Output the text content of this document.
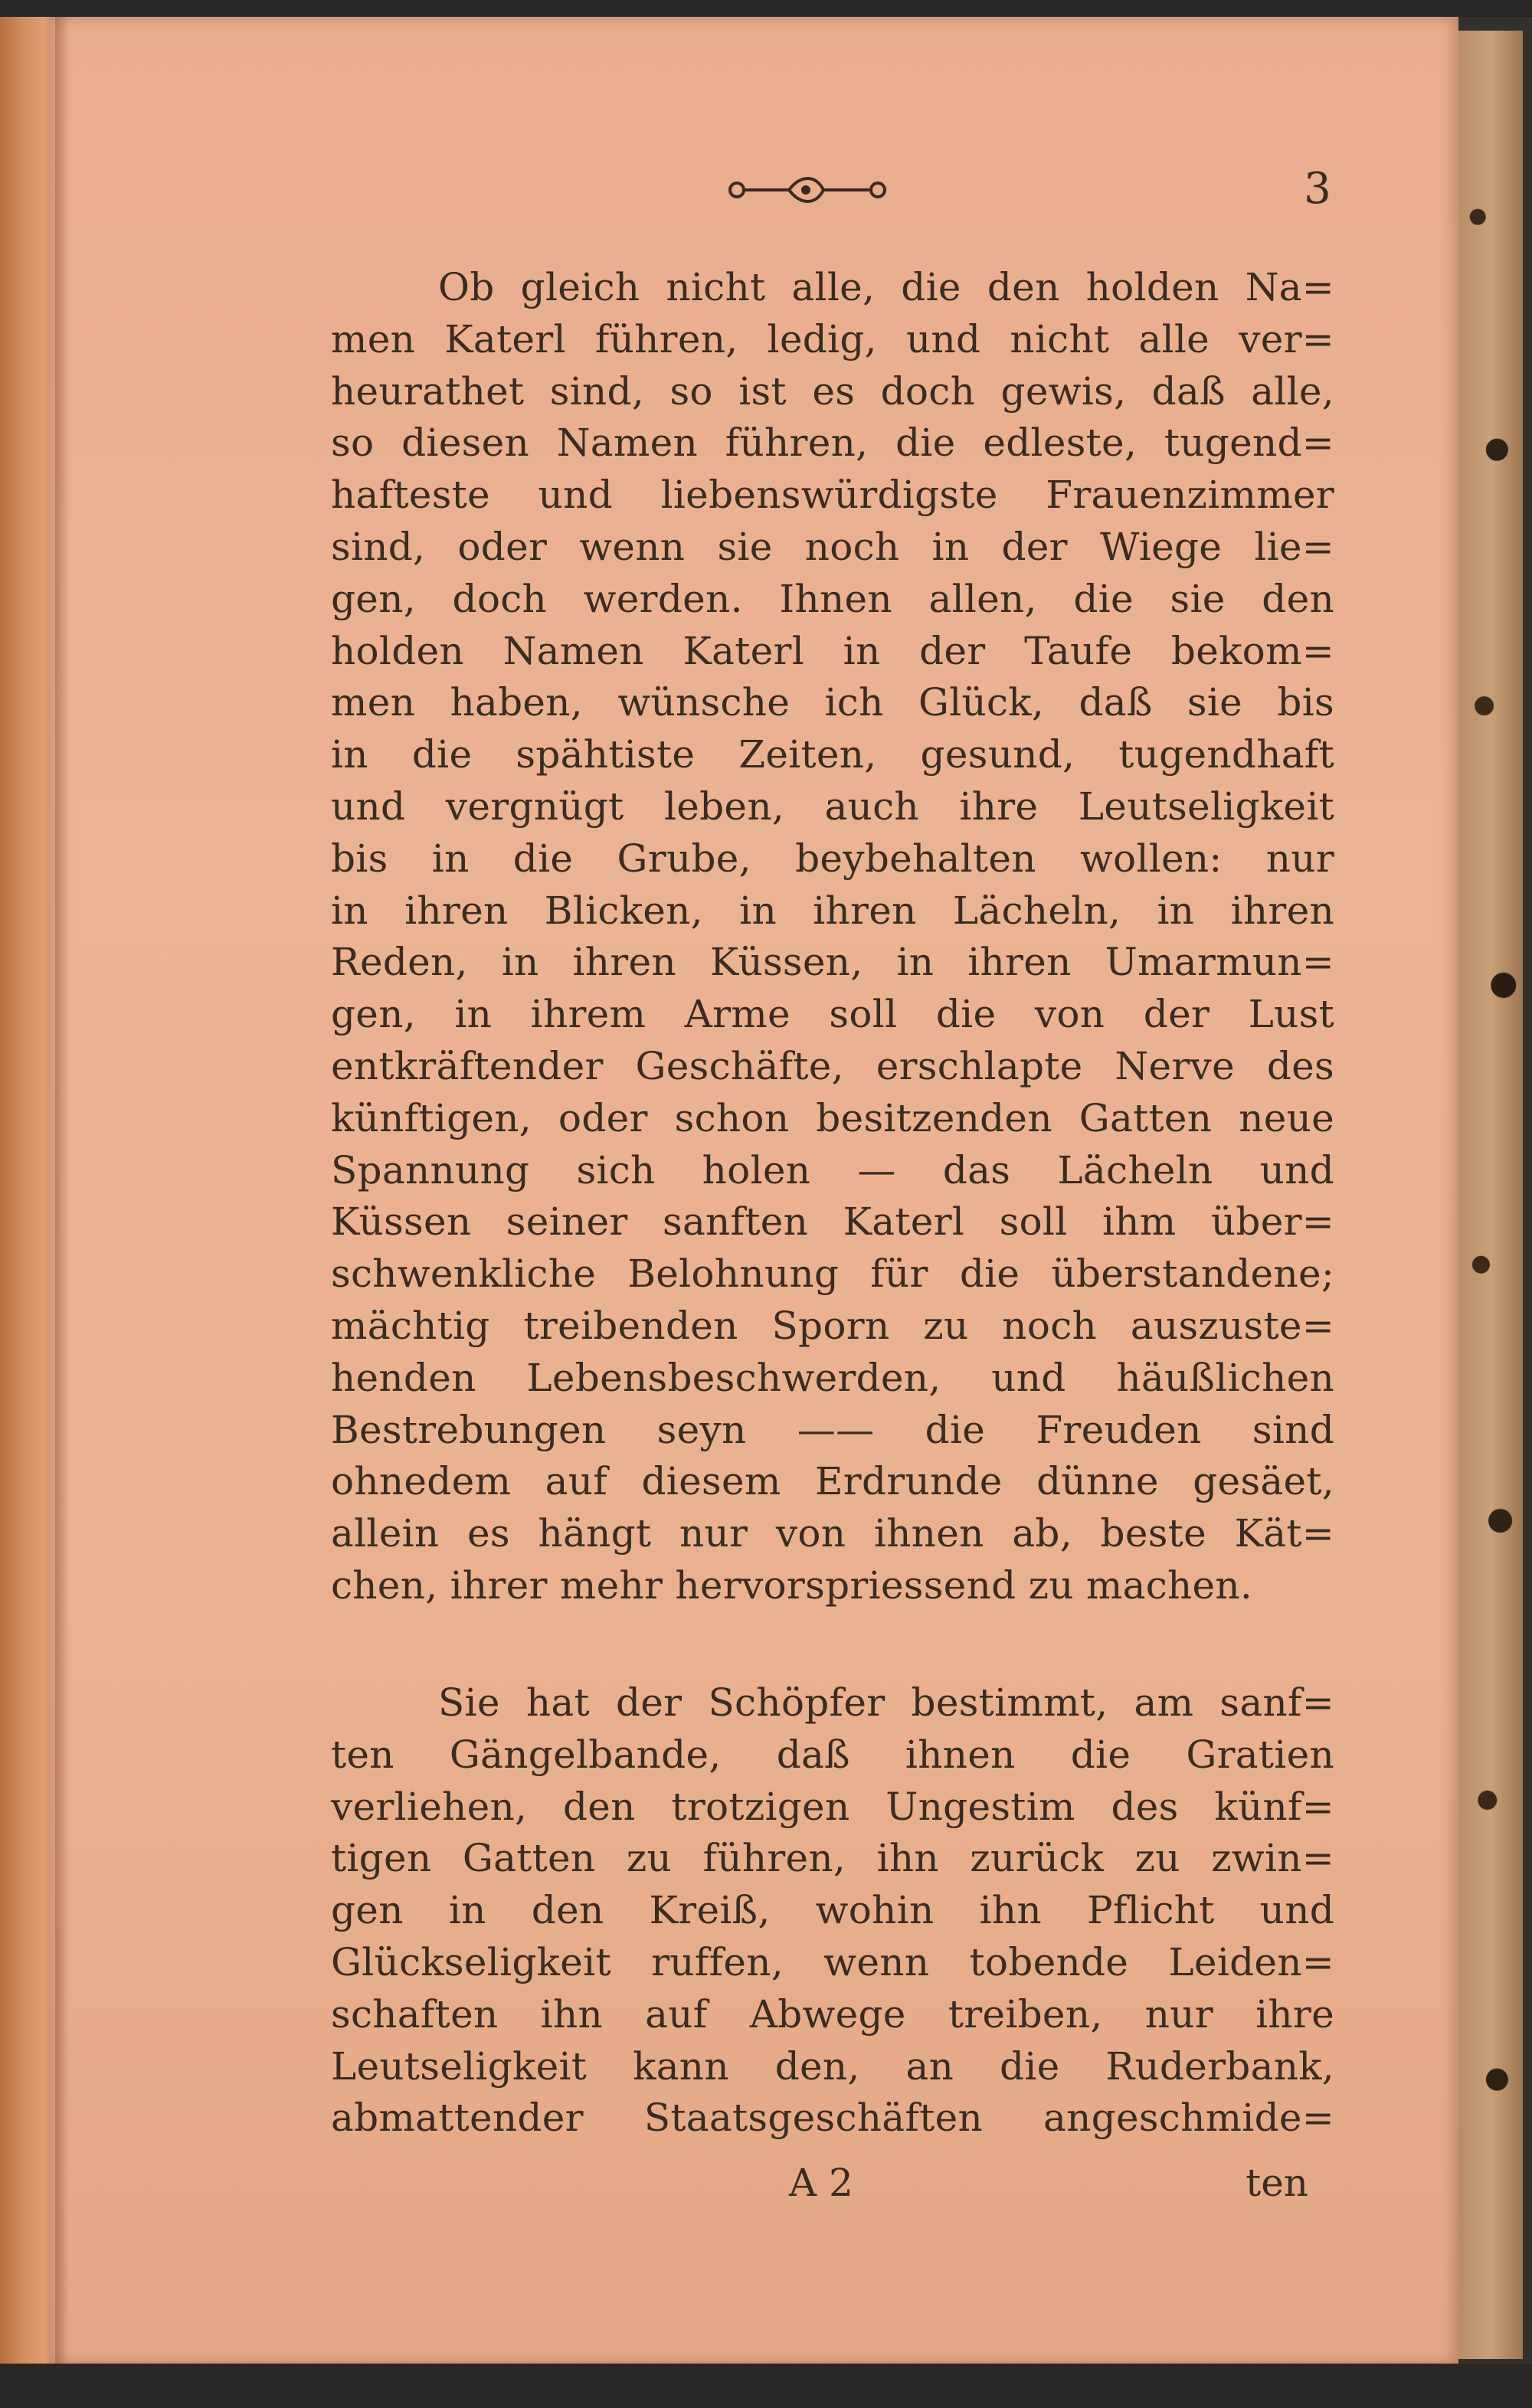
3
Ob gleich nicht alle, die den holden Na=
men Katerl führen, ledig, und nicht alle ver=
heurathet sind, so ist es doch gewis, daß alle,
so diesen Namen führen, die edleste, tugend=
hafteste und liebenswürdigste Frauenzimmer
sind, oder wenn sie noch in der Wiege lie=
gen, doch werden. Ihnen allen, die sie den
holden Namen Katerl in der Taufe bekom=
men haben, wünsche ich Glück, daß sie bis
in die spähtiste Zeiten, gesund, tugendhaft
und vergnügt leben, auch ihre Leutseligkeit
bis in die Grube, beybehalten wollen: nur
in ihren Blicken, in ihren Lächeln, in ihren
Reden, in ihren Küssen, in ihren Umarmun=
gen, in ihrem Arme soll die von der Lust
entkräftender Geschäfte, erschlapte Nerve des
künftigen, oder schon besitzenden Gatten neue
Spannung sich holen — das Lächeln und
Küssen seiner sanften Katerl soll ihm über=
schwenkliche Belohnung für die überstandene;
mächtig treibenden Sporn zu noch auszuste=
henden Lebensbeschwerden, und häußlichen
Bestrebungen seyn —— die Freuden sind
ohnedem auf diesem Erdrunde dünne gesäet,
allein es hängt nur von ihnen ab, beste Kät=
chen, ihrer mehr hervorspriessend zu machen.
Sie hat der Schöpfer bestimmt, am sanf=
ten Gängelbande, daß ihnen die Gratien
verliehen, den trotzigen Ungestim des künf=
tigen Gatten zu führen, ihn zurück zu zwin=
gen in den Kreiß, wohin ihn Pflicht und
Glückseligkeit ruffen, wenn tobende Leiden=
schaften ihn auf Abwege treiben, nur ihre
Leutseligkeit kann den, an die Ruderbank,
abmattender Staatsgeschäften angeschmide=
A 2	ten
